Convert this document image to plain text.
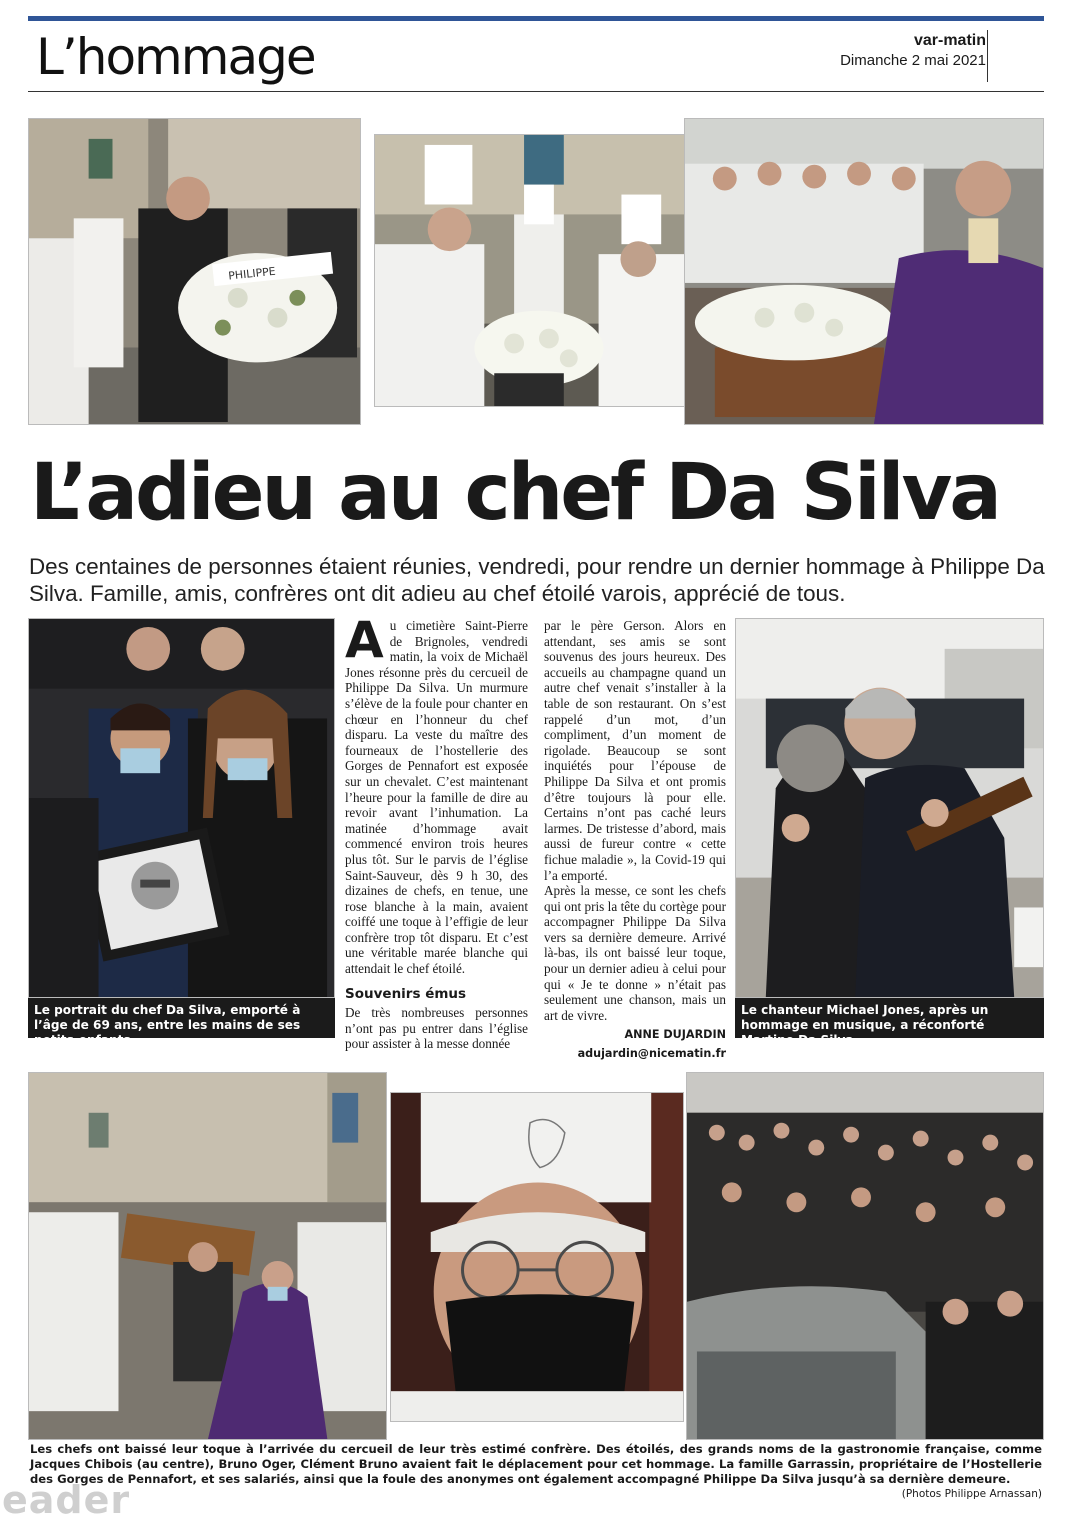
L’hommage	var-matin
Dimanche 2 mai 2021
PHILIPPE
L’adieu au chef Da Silva
Des centaines de personnes étaient réunies, vendredi, pour rendre un dernier hommage à Philippe Da Silva. Famille, amis, confrères ont dit adieu au chef étoilé varois, apprécié de tous.
Le portrait du chef Da Silva, emporté à l’âge de 69 ans, entre les mains de ses petits-enfants.
A u cimetière Saint-Pierre de Brignoles, vendredi matin, la voix de Michaël Jones résonne près du cercueil de Philippe Da Silva. Un murmure s’élève de la foule pour chanter en chœur en l’honneur du chef disparu. La veste du maître des fourneaux de l’hostellerie des Gorges de Pennafort est exposée sur un chevalet. C’est maintenant l’heure pour la famille de dire au revoir avant l’inhumation. La matinée d’hommage avait commencé environ trois heures plus tôt. Sur le parvis de l’église Saint-Sauveur, dès 9 h 30, des dizaines de chefs, en tenue, une rose blanche à la main, avaient coiffé une toque à l’effigie de leur confrère trop tôt disparu. Et c’est une véritable marée blanche qui attendait le chef étoilé.

Souvenirs émus

De très nombreuses personnes n’ont pas pu entrer dans l’église pour assister à la messe donnée

par le père Gerson. Alors en attendant, ses amis se sont souvenus des jours heureux. Des accueils au champagne quand un autre chef venait s’installer à la table de son restaurant. On s’est rappelé d’un mot, d’un compliment, d’un moment de rigolade. Beaucoup se sont inquiétés pour l’épouse de Philippe Da Silva et ont promis d’être toujours là pour elle. Certains n’ont pas caché leurs larmes. De tristesse d’abord, mais aussi de fureur contre « cette fichue maladie », la Covid-19 qui l’a emporté.

Après la messe, ce sont les chefs qui ont pris la tête du cortège pour accompagner Philippe Da Silva vers sa dernière demeure. Arrivé là-bas, ils ont baissé leur toque, pour un dernier adieu à celui pour qui « Je te donne » n’était pas seulement une chanson, mais un art de vivre.

ANNE DUJARDIN
adujardin@nicematin.fr
Le chanteur Michael Jones, après un hommage en musique, a réconforté Martine Da Silva.
Les chefs ont baissé leur toque à l’arrivée du cercueil de leur très estimé confrère. Des étoilés, des grands noms de la gastronomie française, comme Jacques Chibois (au centre), Bruno Oger, Clément Bruno avaient fait le déplacement pour cet hommage. La famille Garrassin, propriétaire de l’Hostellerie des Gorges de Pennafort, et ses salariés, ainsi que la foule des anonymes ont également accompagné Philippe Da Silva jusqu’à sa dernière demeure.
(Photos Philippe Arnassan)
eader
